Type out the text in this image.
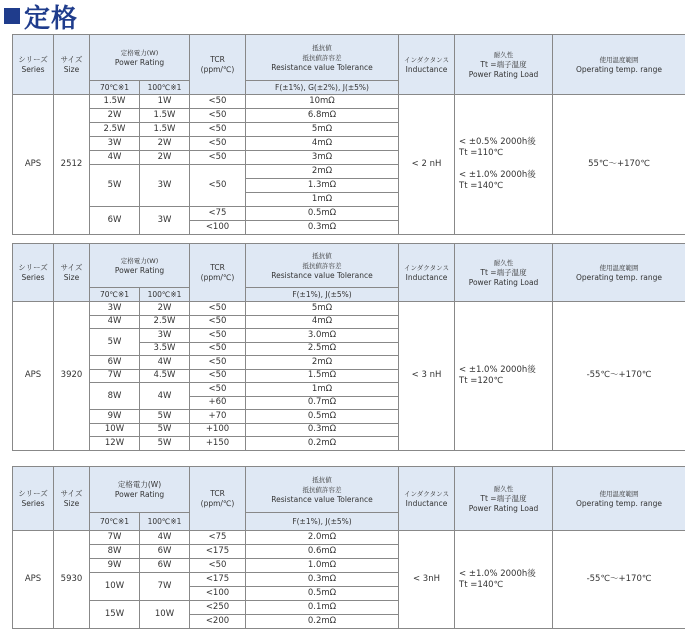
定格
シリーズ
Series	サイズ
Size	定格電力(W)
Power Rating		TCR
(ppm/℃)	抵抗値
抵抗値許容差
Resistance value Tolerance	インダクタンス
Inductance	耐久性
Tt =端子温度
Power Rating Load	使用温度範囲
Operating temp. range
		70℃※1	100℃※1		F(±1%), G(±2%), J(±5%)			
APS	2512	1.5W	1W	<50	10mΩ	< 2 nH	< ±0.5% 2000h後
Tt =110℃

< ±1.0% 2000h後
Tt =140℃	55℃～+170℃
		2W	1.5W	<50	6.8mΩ			
		2.5W	1.5W	<50	5mΩ			
		3W	2W	<50	4mΩ			
		4W	2W	<50	3mΩ			
		5W	3W	<50	2mΩ			
					1.3mΩ			
					1mΩ			
		6W	3W	<75	0.5mΩ			
				<100	0.3mΩ			
シリーズ
Series	サイズ
Size	定格電力(W)
Power Rating		TCR
(ppm/℃)	抵抗値
抵抗値許容差
Resistance value Tolerance	インダクタンス
Inductance	耐久性
Tt =端子温度
Power Rating Load	使用温度範囲
Operating temp. range
		70℃※1	100℃※1		F(±1%), J(±5%)			
APS	3920	3W	2W	<50	5mΩ	< 3 nH	< ±1.0% 2000h後
Tt =120℃	-55℃～+170℃
		4W	2.5W	<50	4mΩ			
		5W	3W	<50	3.0mΩ			
			3.5W	<50	2.5mΩ			
		6W	4W	<50	2mΩ			
		7W	4.5W	<50	1.5mΩ			
		8W	4W	<50	1mΩ			
				+60	0.7mΩ			
		9W	5W	+70	0.5mΩ			
		10W	5W	+100	0.3mΩ			
		12W	5W	+150	0.2mΩ			
シリーズ
Series	サイズ
Size	定格電力(W)
Power Rating		TCR
(ppm/℃)	抵抗値
抵抗値許容差
Resistance value Tolerance	インダクタンス
Inductance	耐久性
Tt =端子温度
Power Rating Load	使用温度範囲
Operating temp. range
		70℃※1	100℃※1		F(±1%), J(±5%)			
APS	5930	7W	4W	<75	2.0mΩ	< 3nH	< ±1.0% 2000h後
Tt =140℃	-55℃～+170℃
		8W	6W	<175	0.6mΩ			
		9W	6W	<50	1.0mΩ			
		10W	7W	<175	0.3mΩ			
				<100	0.5mΩ			
		15W	10W	<250	0.1mΩ			
				<200	0.2mΩ			
